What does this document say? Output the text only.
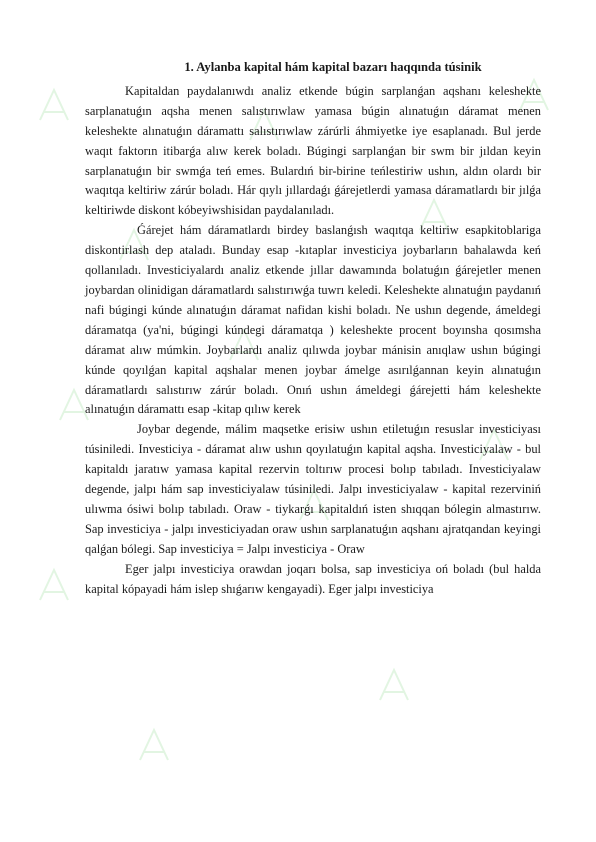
1. Aylanba kapital hám kapital bazarı haqqında túsinik

Kapitaldan paydalanıwdı analiz etkende búgin sarplanǵan aqshanı keleshekte sarplanatuǵın aqsha menen salıstırıwlaw yamasa búgin alınatuǵın dáramat menen keleshekte alınatuǵın dáramattı salıstırıwlaw zárúrli áhmiyetke iye esaplanadı. Bul jerde waqıt faktorın itibarǵa alıw kerek boladı. Búgingi sarplanǵan bir swm bir jıldan keyin sarplanatuǵın bir swmǵa teń emes. Bulardıń bir-birine teńlestiriw ushın, aldın olardı bir waqıtqa keltiriw zárúr boladı. Hár qıylı jıllardaǵı ǵárejetlerdi yamasa dáramatlardı bir jılǵa keltiriwde diskont kóbeyiwshisidan paydalanıladı.

Ǵárejet hám dáramatlardı birdey baslanǵısh waqıtqa keltiriw esapkitoblariga diskontirlash dep ataladı. Bunday esap -kıtaplar investiciya joybarların bahalawda keń qollanıladı. Investiciyalardı analiz etkende jıllar dawamında bolatuǵın ǵárejetler menen joybardan olinidigan dáramatlardı salıstırıwǵa tuwrı keledi. Keleshekte alınatuǵın paydanıń nafi búgingi kúnde alınatuǵın dáramat nafidan kishi boladı. Ne ushın degende, ámeldegi dáramatqa (ya'ni, búgingi kúndegi dáramatqa ) keleshekte procent boyınsha qosımsha dáramat alıw múmkin. Joybarlardı analiz qılıwda joybar mánisin anıqlaw ushın búgingi kúnde qoyılǵan kapital aqshalar menen joybar ámelge asırılǵannan keyin alınatuǵın dáramatlardı salıstırıw zárúr boladı. Onıń ushın ámeldegi ǵárejetti hám keleshekte alınatuǵın dáramattı esap -kitap qılıw kerek

Joybar degende, málim maqsetke erisiw ushın etiletuǵın resuslar investiciyası túsiniledi. Investiciya - dáramat alıw ushın qoyılatuǵın kapital aqsha. Investiciyalaw - bul kapitaldı jaratıw yamasa kapital rezervin toltırıw procesi bolıp tabıladı. Investiciyalaw degende, jalpı hám sap investiciyalaw túsiniledi. Jalpı investiciyalaw - kapital rezerviniń ulıwma ósiwi bolıp tabıladı. Oraw - tiykarǵı kapitaldıń isten shıqqan bólegin almastırıw. Sap investiciya - jalpı investiciyadan oraw ushın sarplanatuǵın aqshanı ajratqandan keyingi qalǵan bólegi. Sap investiciya = Jalpı investiciya - Oraw

Eger jalpı investiciya orawdan joqarı bolsa, sap investiciya oń boladı (bul halda kapital kópayadi hám islep shıǵarıw kengayadi). Eger jalpı investiciya
